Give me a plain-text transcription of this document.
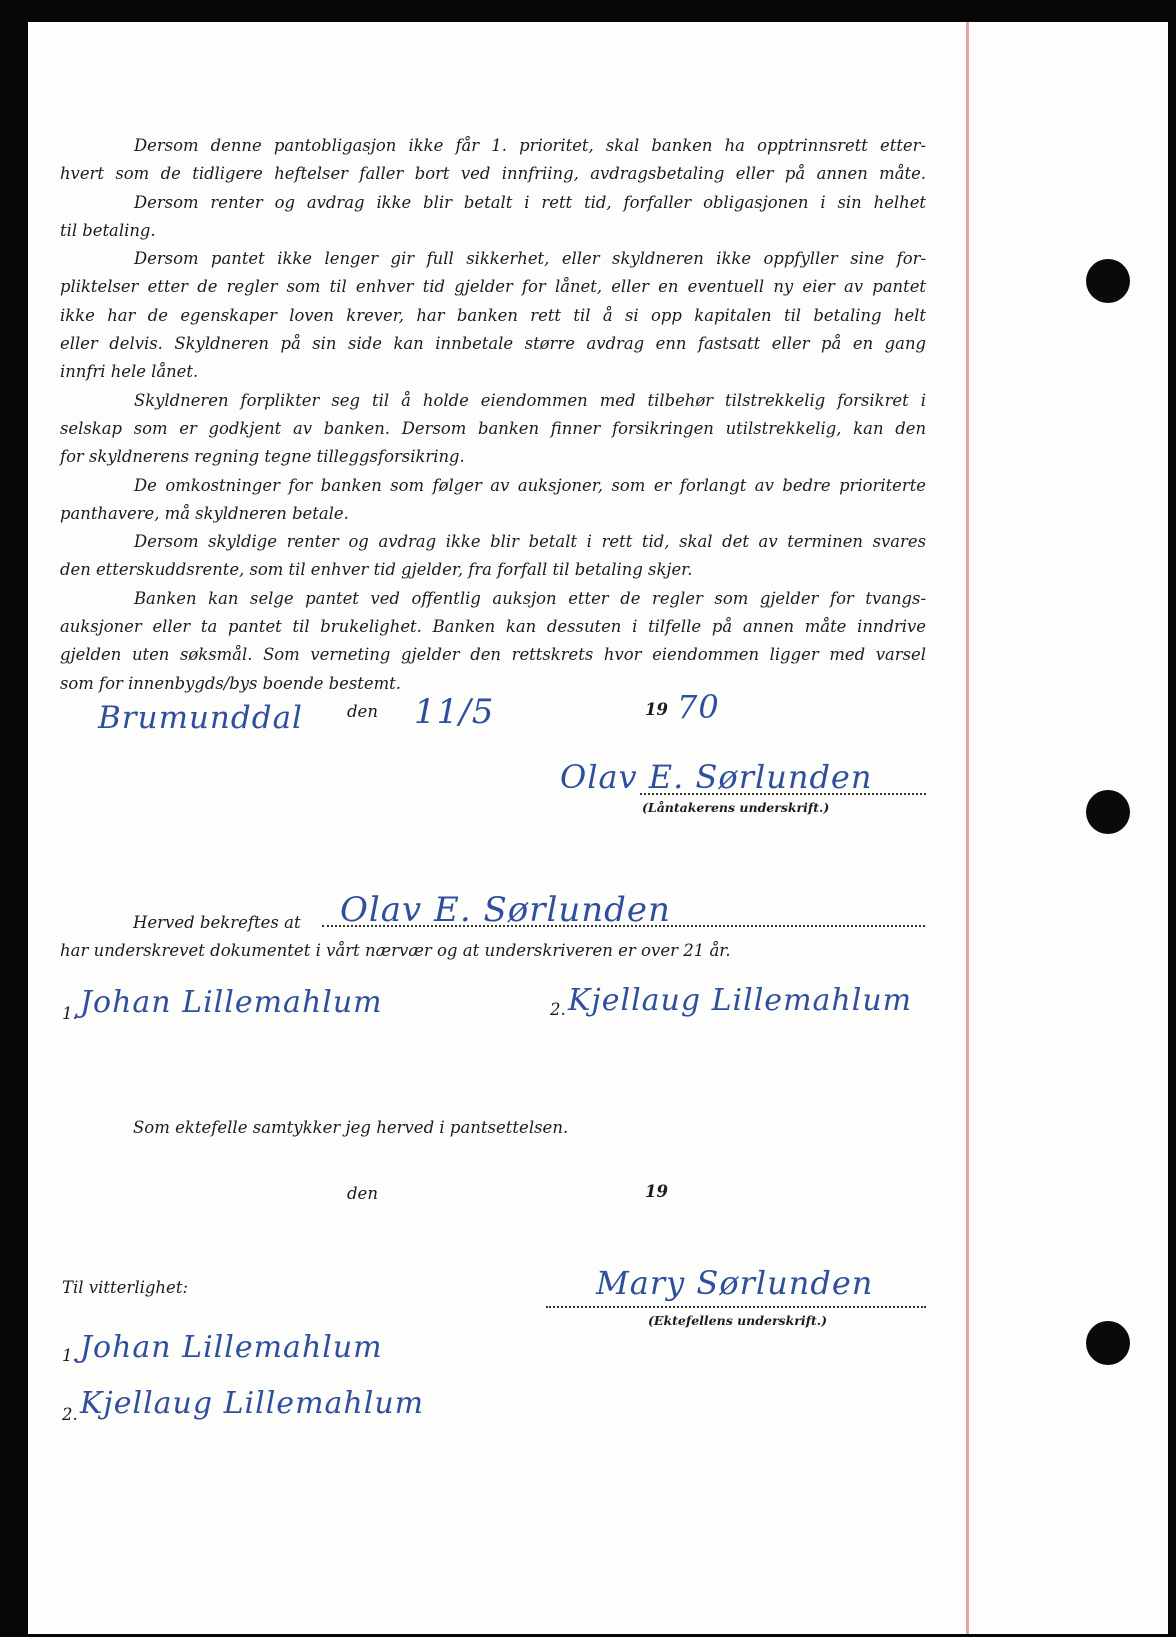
Dersom denne pantobligasjon ikke får 1. prioritet, skal banken ha opptrinnsrett etter-
hvert som de tidligere heftelser faller bort ved innfriing, avdragsbetaling eller på annen måte.
Dersom renter og avdrag ikke blir betalt i rett tid, forfaller obligasjonen i sin helhet
til betaling.
Dersom pantet ikke lenger gir full sikkerhet, eller skyldneren ikke oppfyller sine for-
pliktelser etter de regler som til enhver tid gjelder for lånet, eller en eventuell ny eier av pantet
ikke har de egenskaper loven krever, har banken rett til å si opp kapitalen til betaling helt
eller delvis. Skyldneren på sin side kan innbetale større avdrag enn fastsatt eller på en gang
innfri hele lånet.
Skyldneren forplikter seg til å holde eiendommen med tilbehør tilstrekkelig forsikret i
selskap som er godkjent av banken. Dersom banken finner forsikringen utilstrekkelig, kan den
for skyldnerens regning tegne tilleggsforsikring.
De omkostninger for banken som følger av auksjoner, som er forlangt av bedre prioriterte
panthavere, må skyldneren betale.
Dersom skyldige renter og avdrag ikke blir betalt i rett tid, skal det av terminen svares
den etterskuddsrente, som til enhver tid gjelder, fra forfall til betaling skjer.
Banken kan selge pantet ved offentlig auksjon etter de regler som gjelder for tvangs-
auksjoner eller ta pantet til brukelighet. Banken kan dessuten i tilfelle på annen måte inndrive
gjelden uten søksmål. Som verneting gjelder den rettskrets hvor eiendommen ligger med varsel
som for innenbygds/bys boende bestemt.
Brumunddal	den 11/5	19 70
Olav E. Sørlunden
(Låntakerens underskrift.)
Herved bekreftes at Olav E. Sørlunden
har underskrevet dokumentet i vårt nærvær og at underskriveren er over 21 år.
1. Johan Lillemahlum	2. Kjellaug Lillemahlum
Som ektefelle samtykker jeg herved i pantsettelsen.
den	19
Til vitterlighet:	Mary Sørlunden
(Ektefellens underskrift.)
1. Johan Lillemahlum
2. Kjellaug Lillemahlum
